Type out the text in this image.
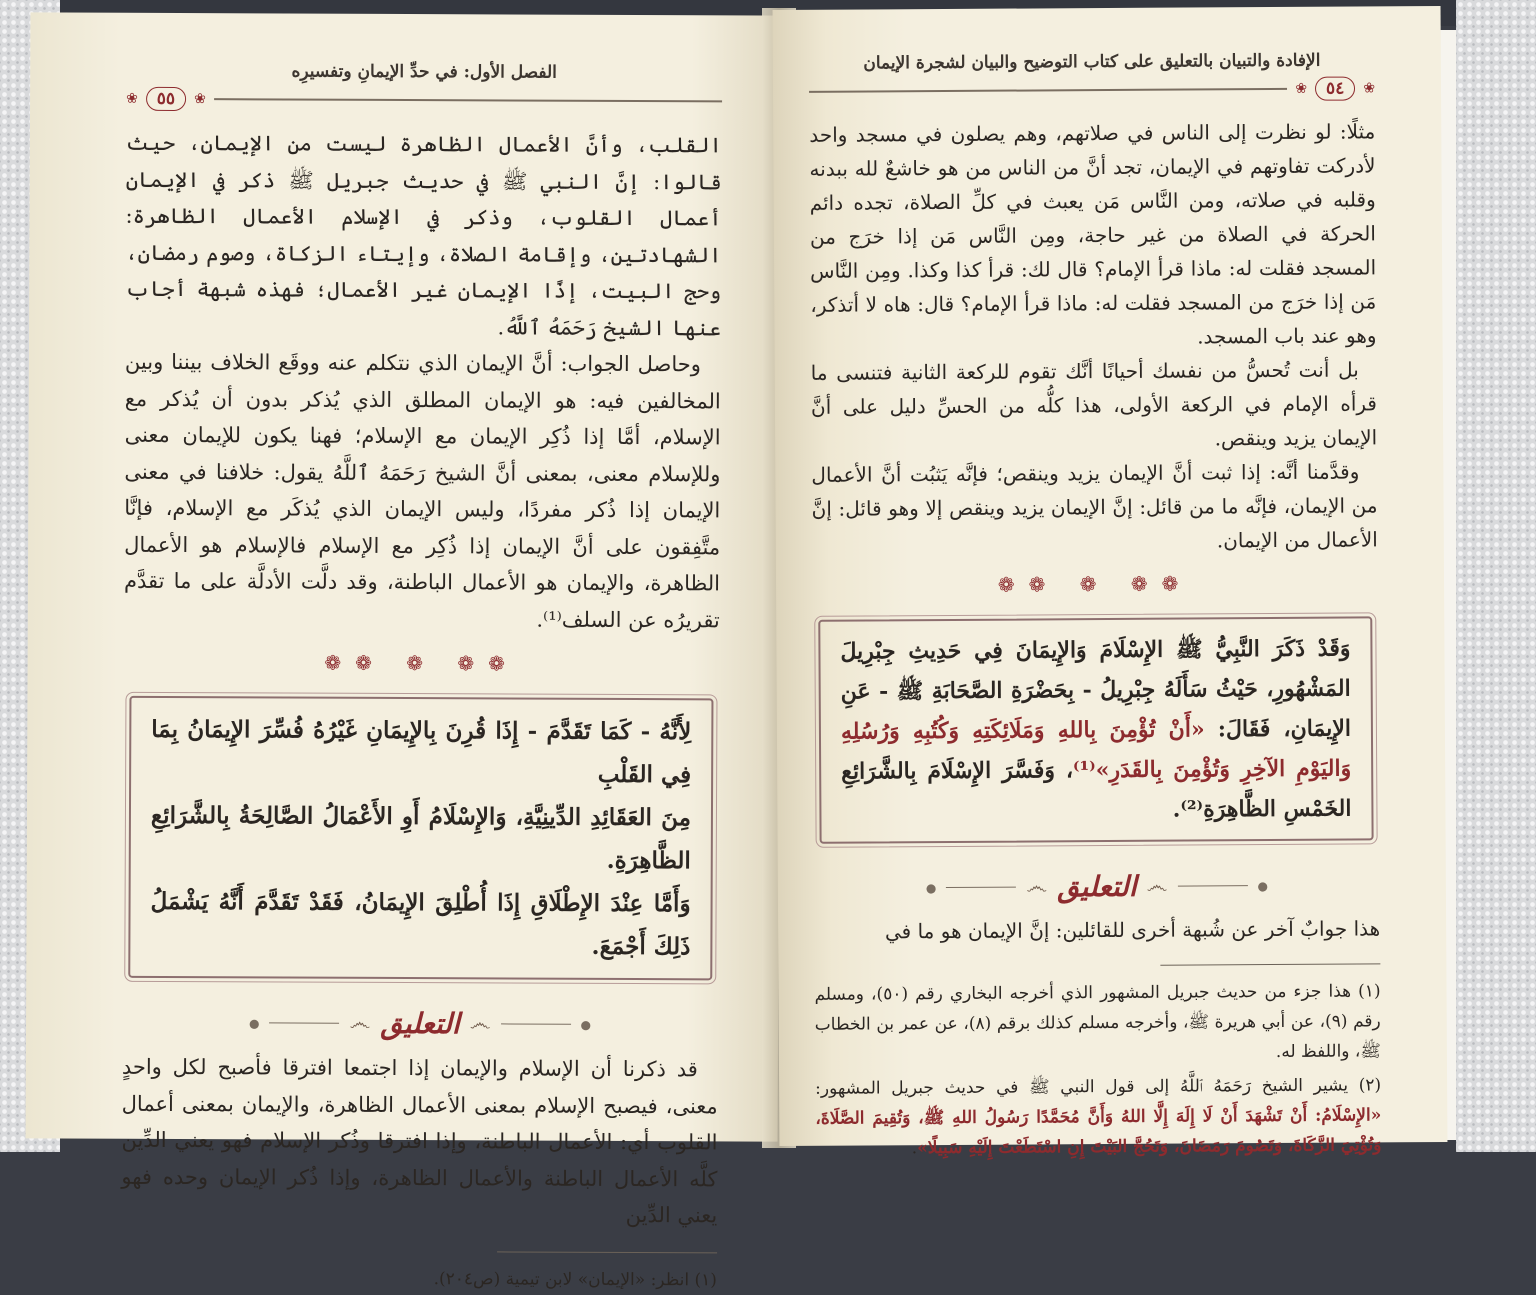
الفصل الأول: في حدِّ الإيمانِ وتفسيرِه
❀
٥٥
❀

القلب، وأنَّ الأعمال الظاهرة ليست من الإيمان، حيث قالوا: إنَّ النبي ﷺ في حديث جبريل ﷺ ذكر في الإيمان أعمال القلوب، وذكر في الإسلام الأعمال الظاهرة: الشهادتين، وإقامة الصلاة، وإيتاء الزكاة، وصوم رمضان، وحج البيت، إذًا الإيمان غير الأعمال؛ فهذه شبهة أجاب عنها الشيخ رَحَمَهُ ٱللَّهُ.

وحاصل الجواب: أنَّ الإيمان الذي نتكلم عنه ووقَع الخلاف بيننا وبين المخالفين فيه: هو الإيمان المطلق الذي يُذكر بدون أن يُذكر مع الإسلام، أمَّا إذا ذُكِر الإيمان مع الإسلام؛ فهنا يكون للإيمان معنى وللإسلام معنى، بمعنى أنَّ الشيخ رَحَمَهُ ٱللَّهُ يقول: خلافنا في معنى الإيمان إذا ذُكر مفردًا، وليس الإيمان الذي يُذكَر مع الإسلام، فإنَّا متَّفِقون على أنَّ الإيمان إذا ذُكِر مع الإسلام فالإسلام هو الأعمال الظاهرة، والإيمان هو الأعمال الباطنة، وقد دلَّت الأدلَّة على ما تقدَّم تقريرُه عن السلف⁽¹⁾.

❁❁ ❁ ❁❁
لِأَنَّهُ - كَمَا تَقَدَّمَ - إِذَا قُرِنَ بِالإِيمَانِ غَيْرُهُ فُسِّرَ الإِيمَانُ بِمَا فِي القَلْبِ
مِنَ العَقَائِدِ الدِّينِيَّةِ، وَالإِسْلَامُ أَوِ الأَعْمَالُ الصَّالِحَةُ بِالشَّرَائِعِ الظَّاهِرَةِ.
وَأَمَّا عِنْدَ الإِطْلَاقِ إِذَا أُطْلِقَ الإِيمَانُ، فَقَدْ تَقَدَّمَ أَنَّهُ يَشْمَلُ ذَلِكَ أَجْمَعَ.
●
෴
التعليق
෴
●

قد ذكرنا أن الإسلام والإيمان إذا اجتمعا افترقا فأصبح لكل واحدٍ معنى، فيصبح الإسلام بمعنى الأعمال الظاهرة، والإيمان بمعنى أعمال القلوب أي: الأعمال الباطنة، وإذا افترقا وذُكر الإسلام فهو يعني الدِّين كلَّه الأعمال الباطنة والأعمال الظاهرة، وإذا ذُكر الإيمان وحده فهو يعني الدِّين

(١) انظر: «الإيمان» لابن تيمية (ص٢٠٤).

الإفادة والتبيان بالتعليق على كتاب التوضيح والبيان لشجرة الإيمان
❀
٥٤
❀

مثلًا: لو نظرت إلى الناس في صلاتهم، وهم يصلون في مسجد واحد لأدركت تفاوتهم في الإيمان، تجد أنَّ من الناس من هو خاشعٌ لله ببدنه وقلبه في صلاته، ومن النَّاس مَن يعبث في كلِّ الصلاة، تجده دائم الحركة في الصلاة من غير حاجة، ومِن النَّاس مَن إذا خرَج من المسجد فقلت له: ماذا قرأ الإمام؟ قال لك: قرأ كذا وكذا. ومِن النَّاس مَن إذا خرَج من المسجد فقلت له: ماذا قرأ الإمام؟ قال: هاه لا أتذكر، وهو عند باب المسجد.

بل أنت تُحسُّ من نفسك أحيانًا أنَّك تقوم للركعة الثانية فتنسى ما قرأه الإمام في الركعة الأولى، هذا كلُّه من الحسِّ دليل على أنَّ الإيمان يزيد وينقص.

وقدَّمنا أنَّه: إذا ثبت أنَّ الإيمان يزيد وينقص؛ فإنَّه يَثبُت أنَّ الأعمال من الإيمان، فإنَّه ما من قائل: إنَّ الإيمان يزيد وينقص إلا وهو قائل: إنَّ الأعمال من الإيمان.

❁❁ ❁ ❁❁
وَقَدْ ذَكَرَ النَّبِيُّ ﷺ الإِسْلَامَ وَالإِيمَانَ فِي حَدِيثِ جِبْرِيلَ المَشْهُورِ، حَيْثُ سَأَلَهُ جِبْرِيلُ - بِحَضْرَةِ الصَّحَابَةِ ﷺ - عَنِ الإِيمَانِ، فَقَالَ: «أَنْ تُؤْمِنَ بِاللهِ وَمَلَائِكَتِهِ وَكُتُبِهِ وَرُسُلِهِ وَاليَوْمِ الآخِرِ وَتُؤْمِنَ بِالقَدَرِ»⁽¹⁾، وَفَسَّرَ الإِسْلَامَ بِالشَّرَائِعِ الخَمْسِ الظَّاهِرَةِ⁽²⁾.
●
෴
التعليق
෴
●

هذا جوابٌ آخر عن شُبهة أخرى للقائلين: إنَّ الإيمان هو ما في

(١) هذا جزء من حديث جبريل المشهور الذي أخرجه البخاري رقم (٥٠)، ومسلم رقم (٩)، عن أبي هريرة ﷺ، وأخرجه مسلم كذلك برقم (٨)، عن عمر بن الخطاب ﷺ، واللفظ له.

(٢) يشير الشيخ رَحَمَهُ ٱللَّهُ إلى قول النبي ﷺ في حديث جبريل المشهور: «الإِسْلَامُ: أَنْ تَشْهَدَ أَنْ لَا إِلَهَ إِلَّا اللهُ وَأَنَّ مُحَمَّدًا رَسُولُ اللهِ ﷺ، وَتُقِيمَ الصَّلَاةَ، وَتُؤْتِيَ الزَّكَاةَ، وَتَصُومَ رَمَضَانَ، وَتَحُجَّ البَيْتَ إِنِ اسْتَطَعْتَ إِلَيْهِ سَبِيلًا».
